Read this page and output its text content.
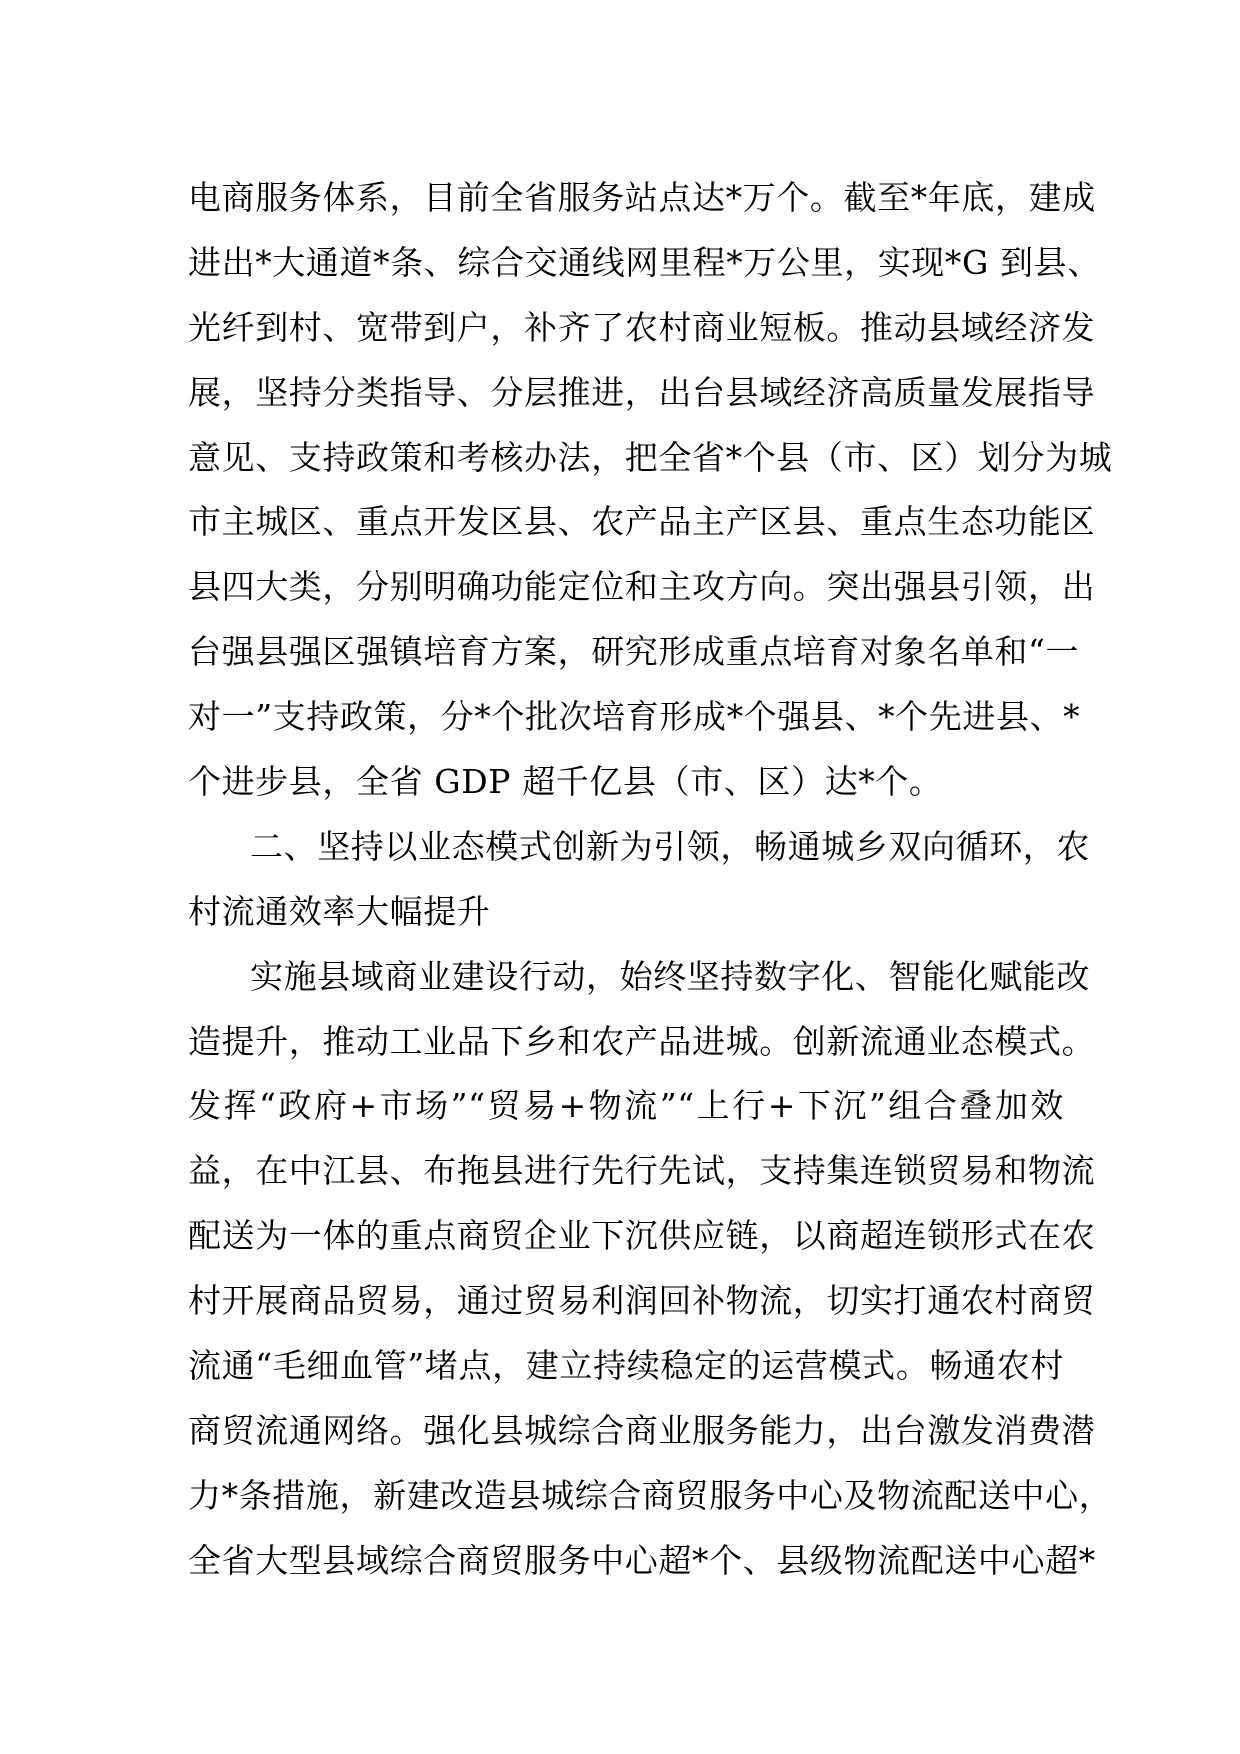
电商服务体系，目前全省服务站点达*万个。截至*年底，建成
进出*大通道*条、综合交通线网里程*万公里，实现*G 到县、
光纤到村、宽带到户，补齐了农村商业短板。推动县域经济发
展，坚持分类指导、分层推进，出台县域经济高质量发展指导
意见、支持政策和考核办法，把全省*个县（市、区）划分为城
市主城区、重点开发区县、农产品主产区县、重点生态功能区
县四大类，分别明确功能定位和主攻方向。突出强县引领，出
台强县强区强镇培育方案，研究形成重点培育对象名单和“一
对一”支持政策，分*个批次培育形成*个强县、*个先进县、*
个进步县，全省 GDP 超千亿县（市、区）达*个。
二、坚持以业态模式创新为引领，畅通城乡双向循环，农
村流通效率大幅提升
实施县域商业建设行动，始终坚持数字化、智能化赋能改
造提升，推动工业品下乡和农产品进城。创新流通业态模式。
发挥“政府+市场”“贸易+物流”“上行+下沉”组合叠加效
益，在中江县、布拖县进行先行先试，支持集连锁贸易和物流
配送为一体的重点商贸企业下沉供应链，以商超连锁形式在农
村开展商品贸易，通过贸易利润回补物流，切实打通农村商贸
流通“毛细血管”堵点，建立持续稳定的运营模式。畅通农村
商贸流通网络。强化县城综合商业服务能力，出台激发消费潜
力*条措施，新建改造县城综合商贸服务中心及物流配送中心，
全省大型县域综合商贸服务中心超*个、县级物流配送中心超*
